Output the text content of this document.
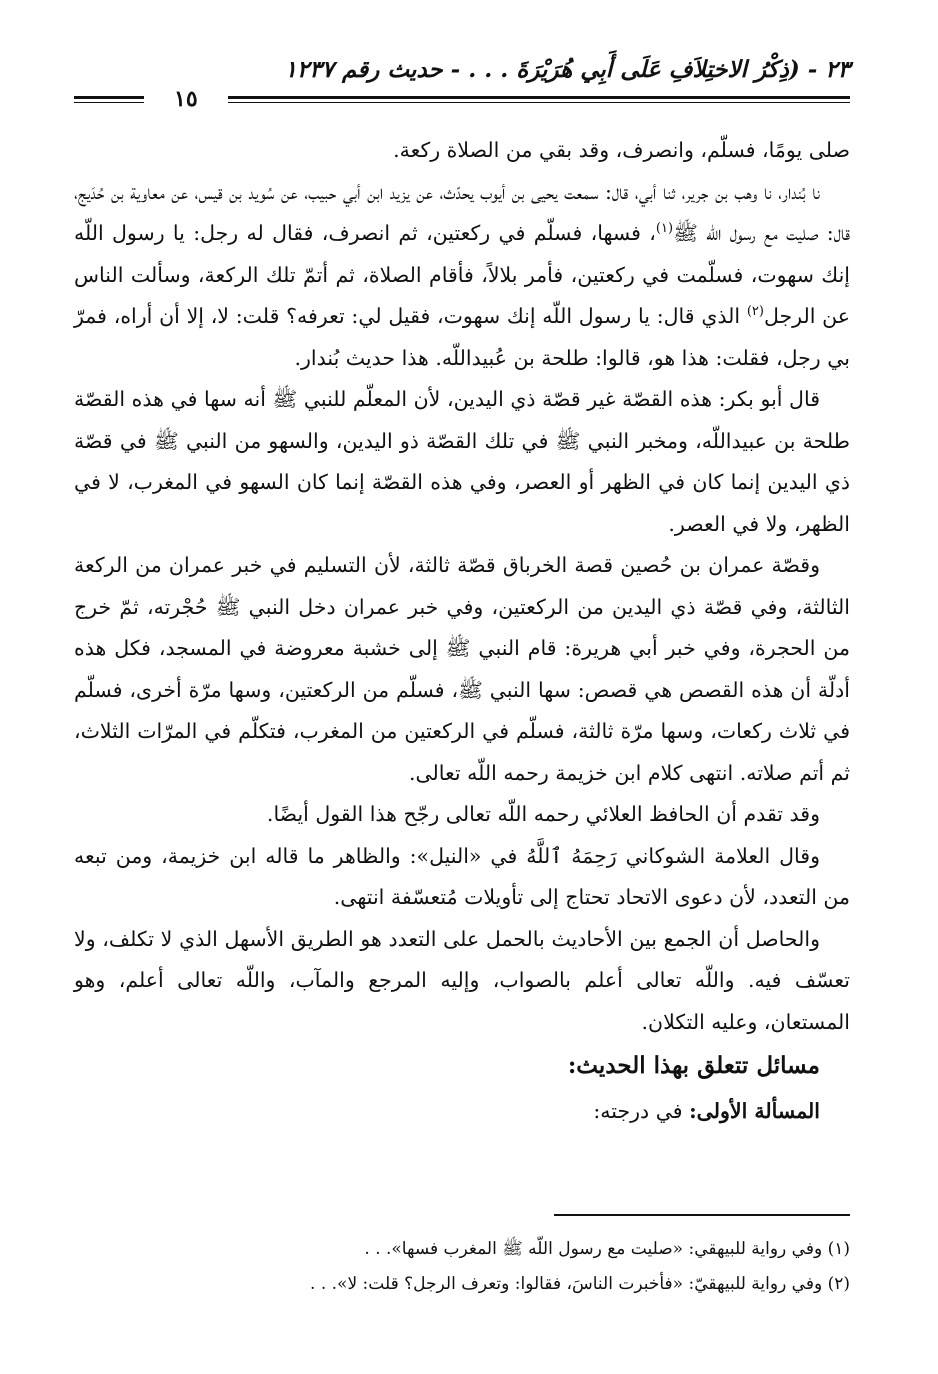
٢٣ - (ذِكْرُ الاختِلاَفِ عَلَى أَبِي هُرَيْرَةَ . . . - حديث رقم ١٢٣٧
١٥

صلى يومًا، فسلّم، وانصرف، وقد بقي من الصلاة ركعة.

نا بُندار، نا وهب بن جرير، ثنا أبي، قال: سمعت يحيى بن أيوب يحدّث، عن يزيد ابن أبي حبيب، عن سُويد بن قيس، عن معاوية بن حُدَيج، قال: صليت مع رسول اللّه ﷺ$^{(١)}$، فسها، فسلّم في ركعتين، ثم انصرف، فقال له رجل: يا رسول اللّه إنك سهوت، فسلّمت في ركعتين، فأمر بلالاً، فأقام الصلاة، ثم أتمّ تلك الركعة، وسألت الناس عن الرجل$^{(٢)}$ الذي قال: يا رسول اللّه إنك سهوت، فقيل لي: تعرفه؟ قلت: لا، إلا أن أراه، فمرّ بي رجل، فقلت: هذا هو، قالوا: طلحة بن عُبيداللّه. هذا حديث بُندار.

قال أبو بكر: هذه القصّة غير قصّة ذي اليدين، لأن المعلّم للنبي ﷺ أنه سها في هذه القصّة طلحة بن عبيداللّه، ومخبر النبي ﷺ في تلك القصّة ذو اليدين، والسهو من النبي ﷺ في قصّة ذي اليدين إنما كان في الظهر أو العصر، وفي هذه القصّة إنما كان السهو في المغرب، لا في الظهر، ولا في العصر.

وقصّة عمران بن حُصين قصة الخرباق قصّة ثالثة، لأن التسليم في خبر عمران من الركعة الثالثة، وفي قصّة ذي اليدين من الركعتين، وفي خبر عمران دخل النبي ﷺ حُجْرته، ثمّ خرج من الحجرة، وفي خبر أبي هريرة: قام النبي ﷺ إلى خشبة معروضة في المسجد، فكل هذه أدلّة أن هذه القصص هي قصص: سها النبي ﷺ، فسلّم من الركعتين، وسها مرّة أخرى، فسلّم في ثلاث ركعات، وسها مرّة ثالثة، فسلّم في الركعتين من المغرب، فتكلّم في المرّات الثلاث، ثم أتم صلاته. انتهى كلام ابن خزيمة رحمه اللّه تعالى.

وقد تقدم أن الحافظ العلائي رحمه اللّه تعالى رجّح هذا القول أيضًا.

وقال العلامة الشوكاني رَحِمَهُ ٱللَّهُ في «النيل»: والظاهر ما قاله ابن خزيمة، ومن تبعه من التعدد، لأن دعوى الاتحاد تحتاج إلى تأويلات مُتعسّفة انتهى.

والحاصل أن الجمع بين الأحاديث بالحمل على التعدد هو الطريق الأسهل الذي لا تكلف، ولا تعسّف فيه. واللّه تعالى أعلم بالصواب، وإليه المرجع والمآب، واللّه تعالى أعلم، وهو المستعان، وعليه التكلان.

مسائل تتعلق بهذا الحديث:

المسألة الأولى: في درجته:
(١) وفي رواية للبيهقي: «صليت مع رسول اللّه ﷺ المغرب فسها». . .
(٢) وفي رواية للبيهقيّ: «فأخبرت الناسَ، فقالوا: وتعرف الرجل؟ قلت: لا». . .
